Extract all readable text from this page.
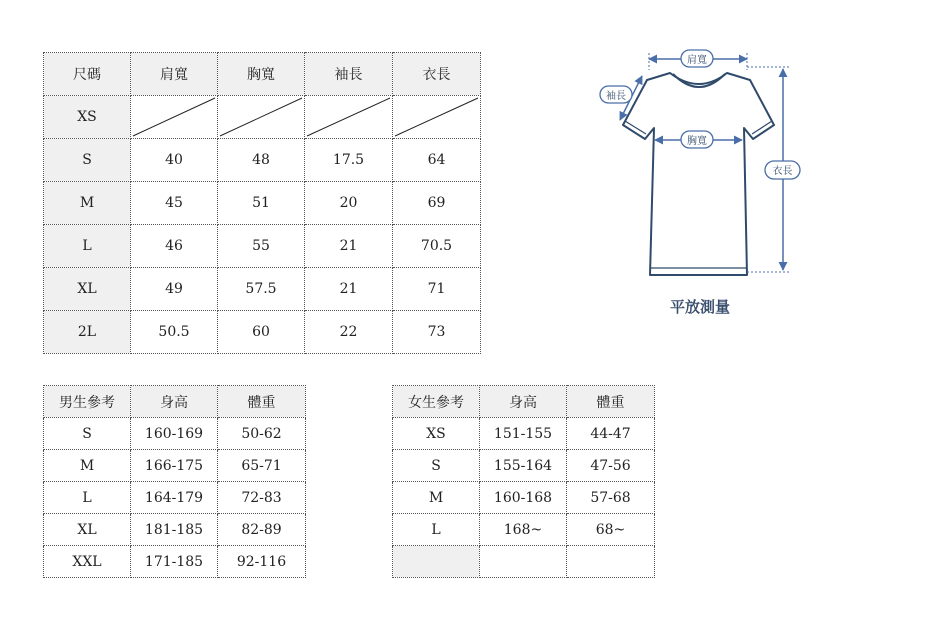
尺碼	肩寬	胸寬	袖長	衣長
XS	

S	40	48	17.5	64
M	45	51	20	69
L	46	55	21	70.5
XL	49	57.5	21	71
2L	50.5	60	22	73
男生參考	身高	體重
S	160-169	50-62
M	166-175	65-71
L	164-179	72-83
XL	181-185	82-89
XXL	171-185	92-116
女生參考	身高	體重
XS	151-155	44-47
S	155-164	47-56
M	160-168	57-68
L	168~	68~

肩寬
袖長
胸寬
衣長
平放測量
